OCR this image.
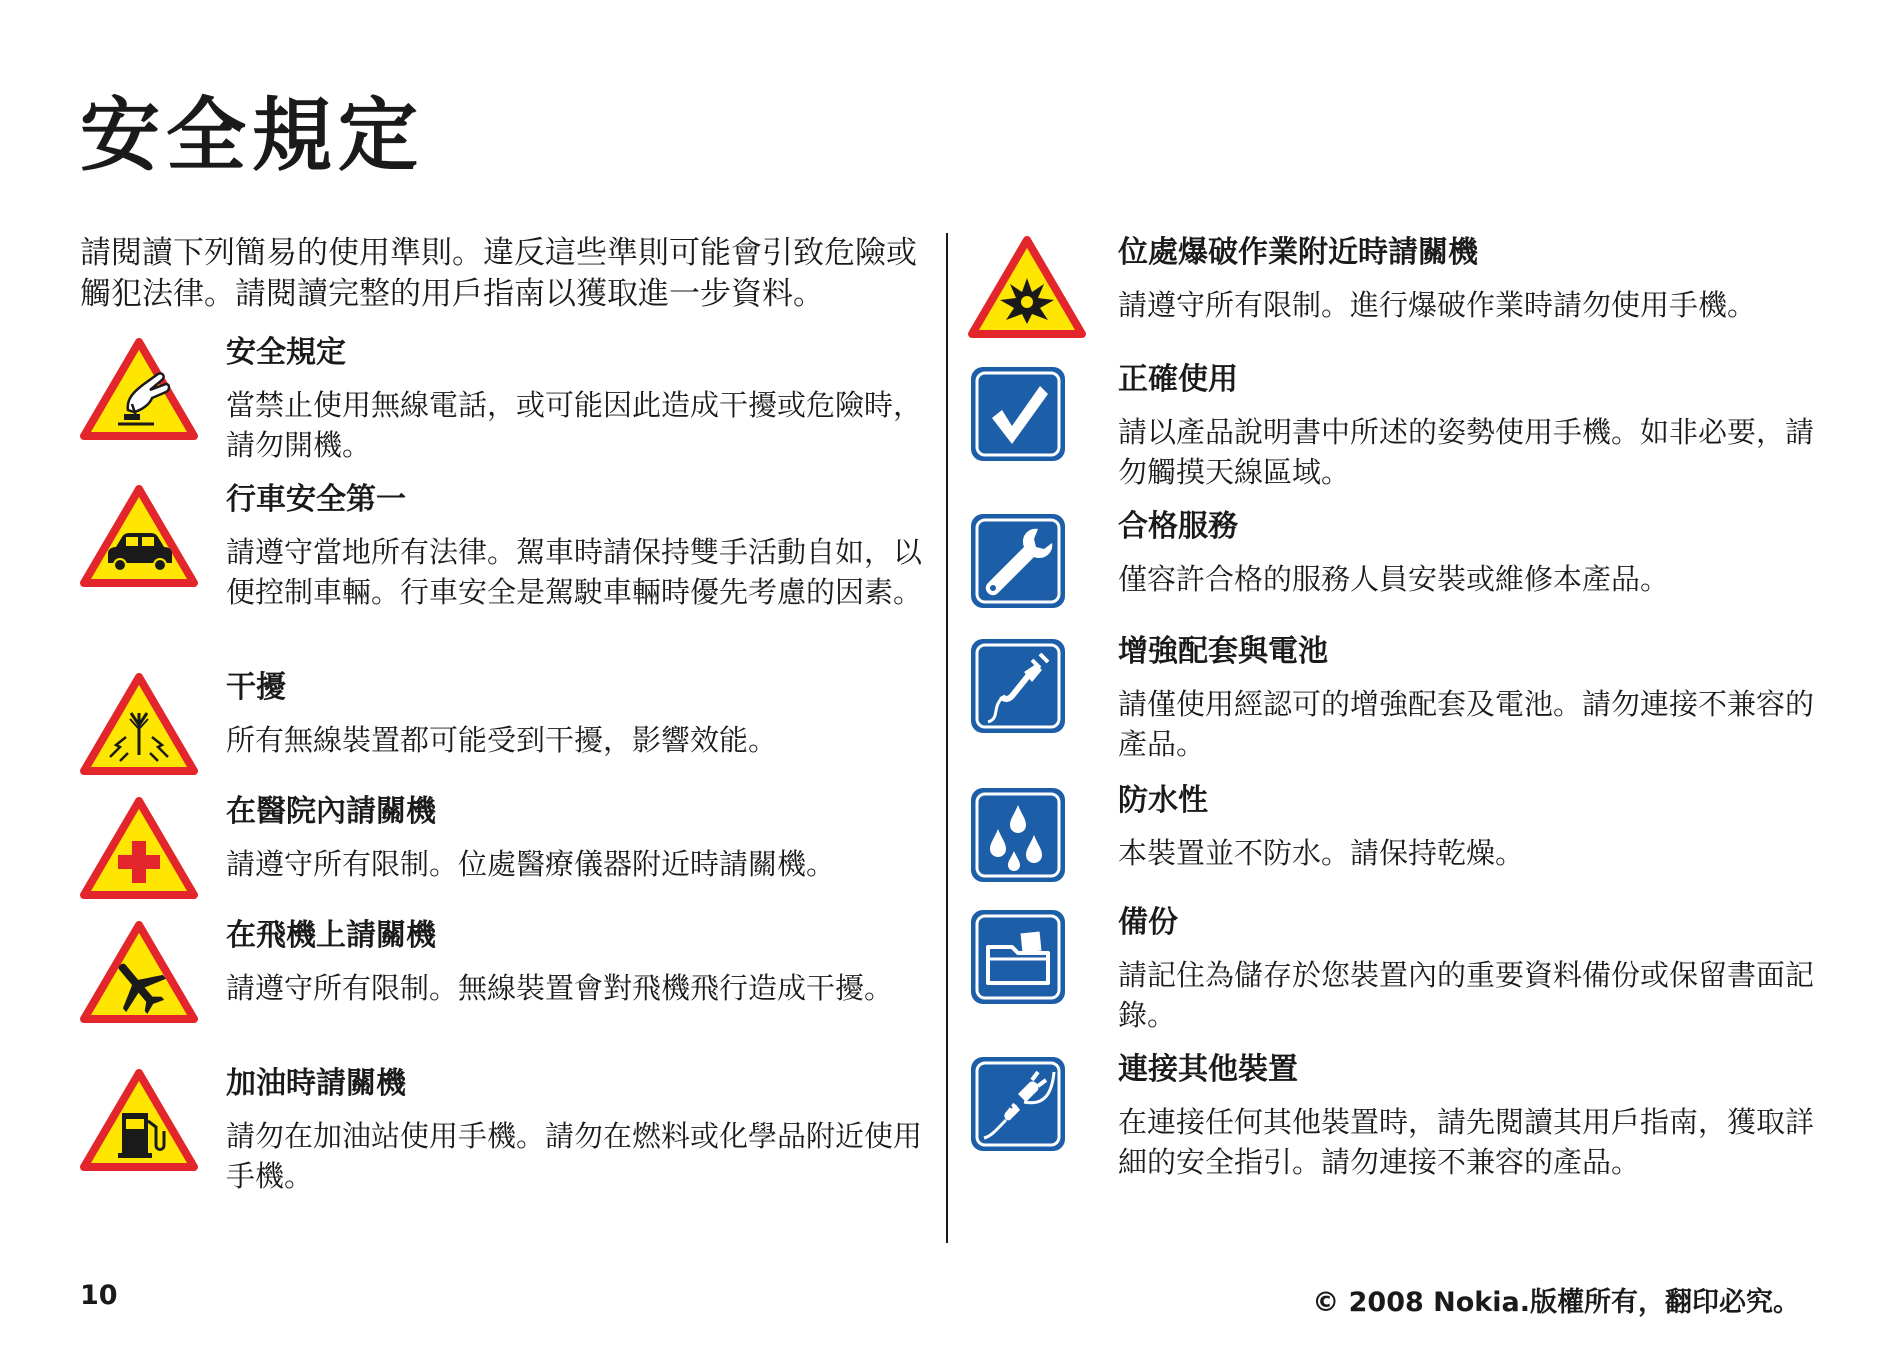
安全規定

請閱讀下列簡易的使用準則。違反這些準則可能會引致危險或觸犯法律。請閱讀完整的用戶指南以獲取進一步資料。

安全規定

當禁止使用無線電話，或可能因此造成干擾或危險時，請勿開機。

行車安全第一

請遵守當地所有法律。駕車時請保持雙手活動自如，以便控制車輛。行車安全是駕駛車輛時優先考慮的因素。

干擾

所有無線裝置都可能受到干擾，影響效能。

在醫院內請關機

請遵守所有限制。位處醫療儀器附近時請關機。

在飛機上請關機

請遵守所有限制。無線裝置會對飛機飛行造成干擾。

加油時請關機

請勿在加油站使用手機。請勿在燃料或化學品附近使用手機。

位處爆破作業附近時請關機

請遵守所有限制。進行爆破作業時請勿使用手機。

正確使用

請以產品說明書中所述的姿勢使用手機。如非必要，請勿觸摸天線區域。

合格服務

僅容許合格的服務人員安裝或維修本產品。

增強配套與電池

請僅使用經認可的增強配套及電池。請勿連接不兼容的產品。

防水性

本裝置並不防水。請保持乾燥。

備份

請記住為儲存於您裝置內的重要資料備份或保留書面記錄。

連接其他裝置

在連接任何其他裝置時，請先閱讀其用戶指南，獲取詳細的安全指引。請勿連接不兼容的產品。

10	© 2008 Nokia.版權所有，翻印必究。
